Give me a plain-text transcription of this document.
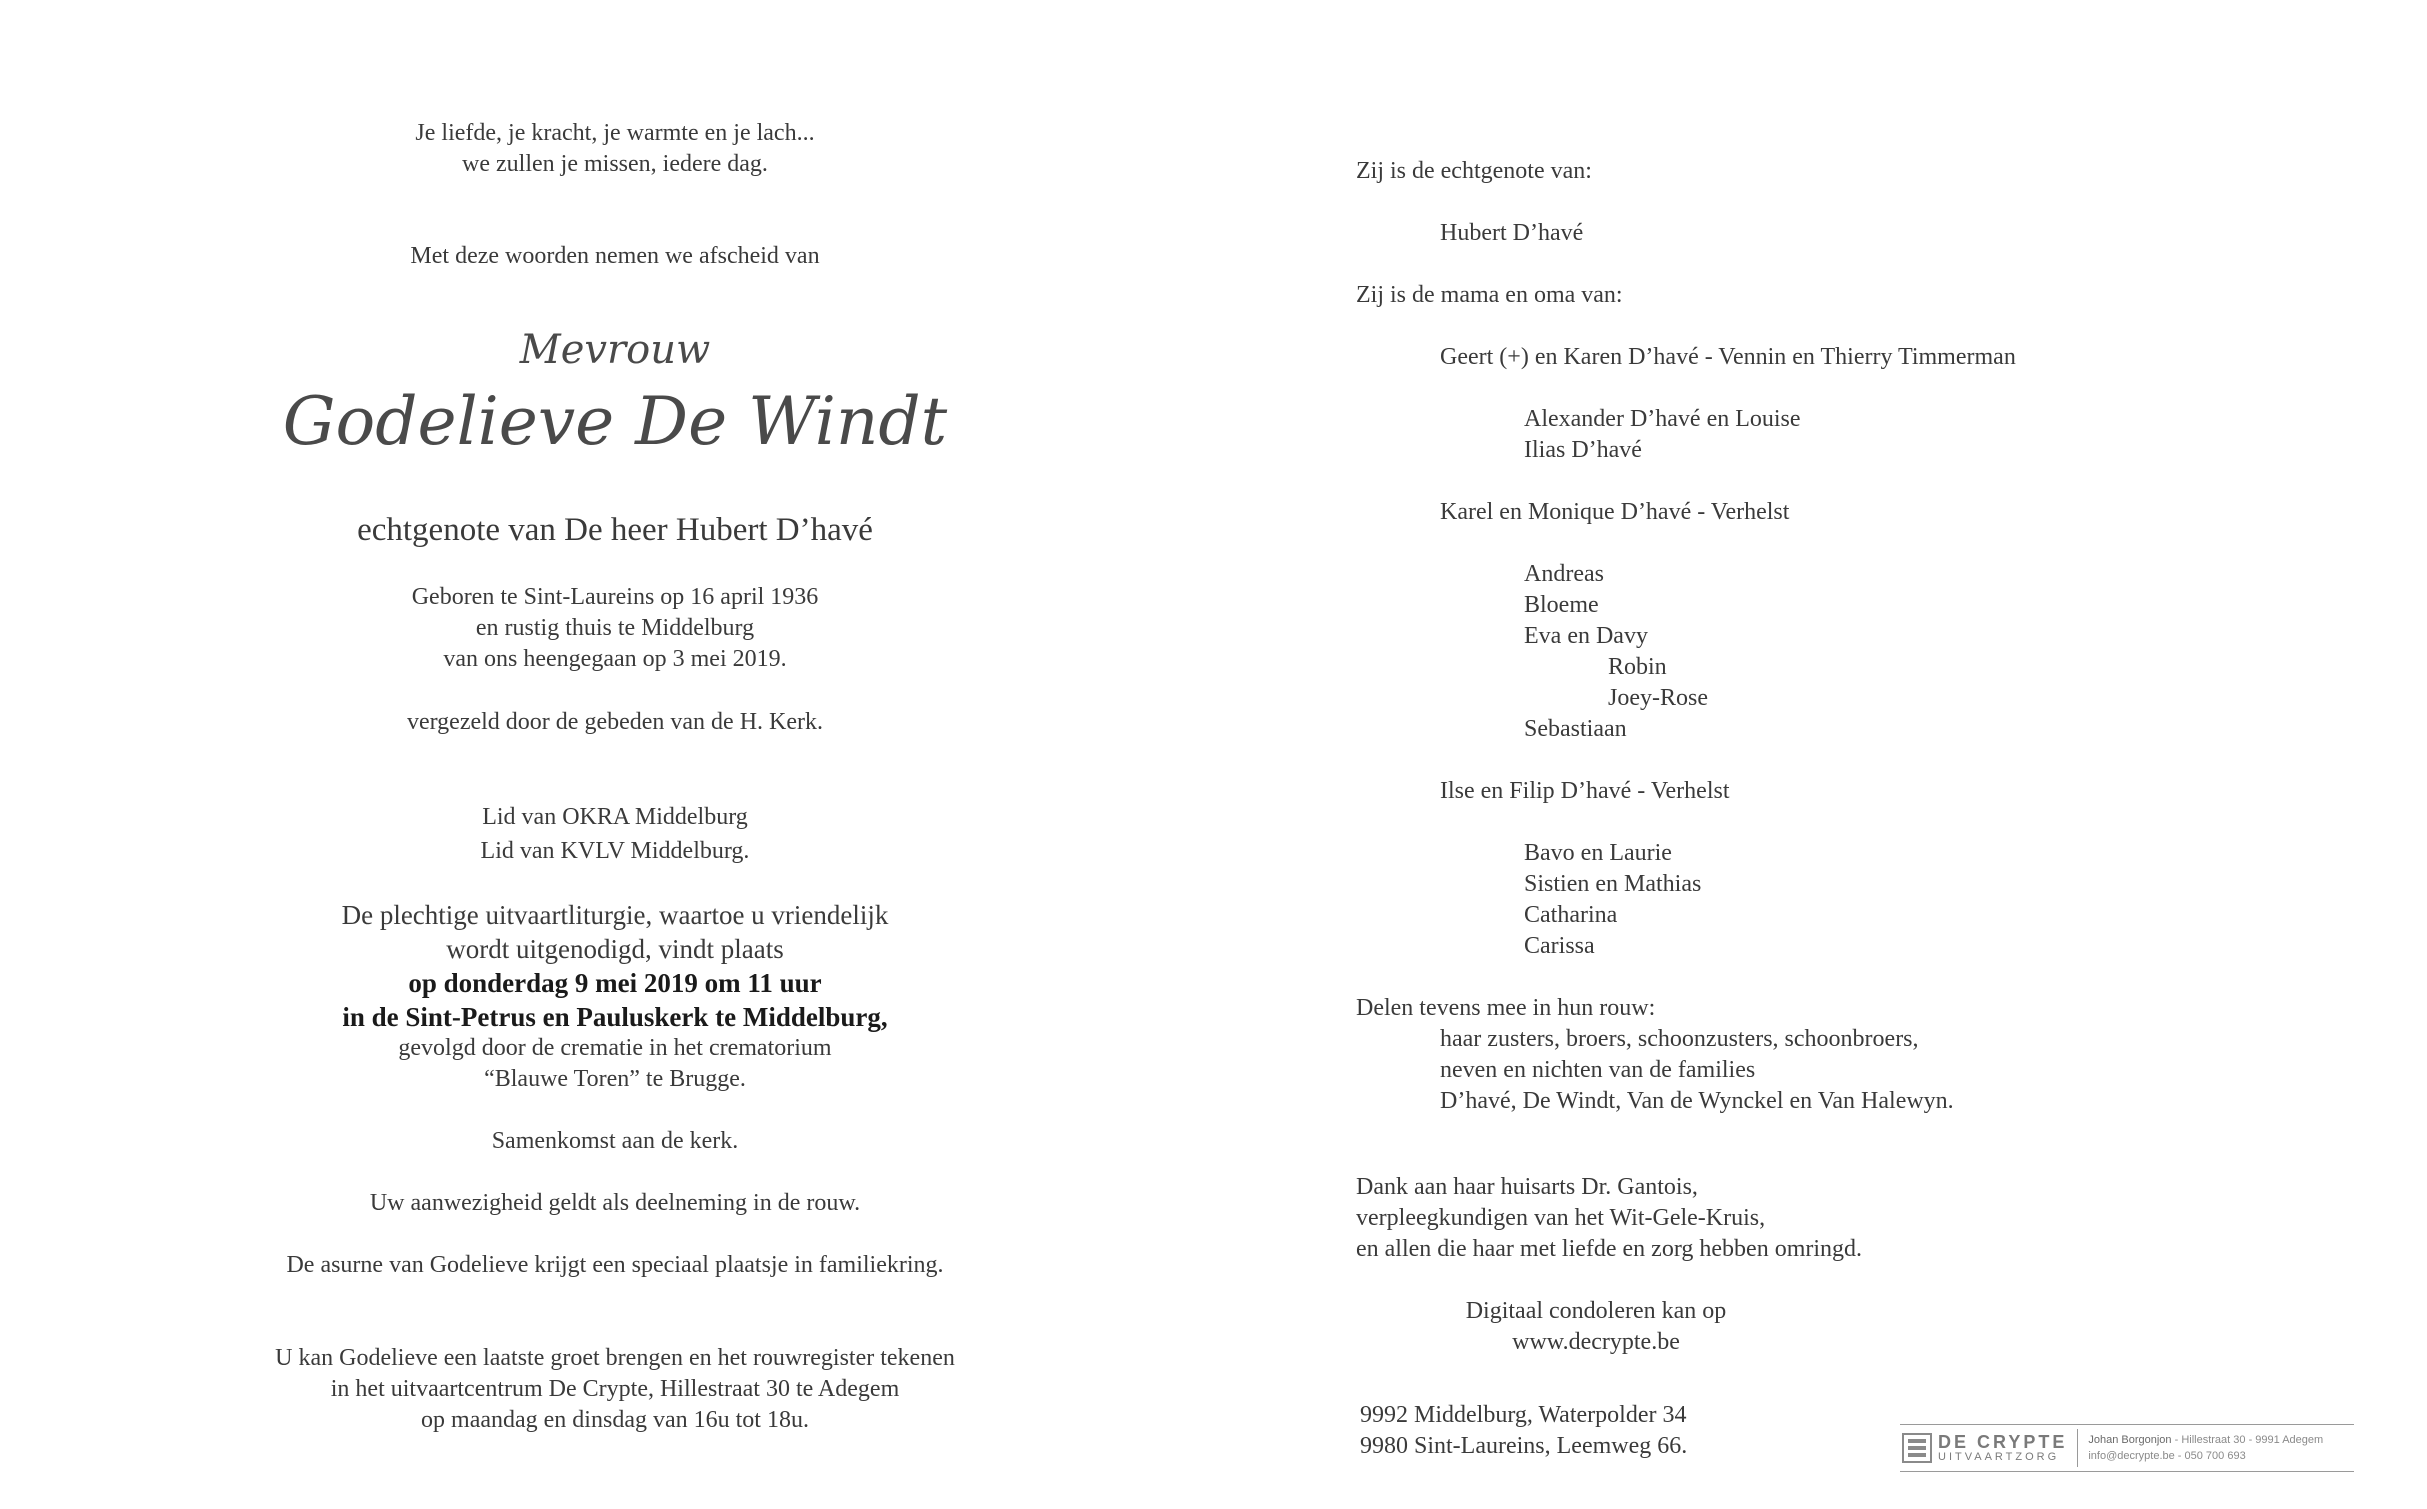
Je liefde, je kracht, je warmte en je lach...
we zullen je missen, iedere dag.
Met deze woorden nemen we afscheid van
Mevrouw
Godelieve De Windt
echtgenote van De heer Hubert D’havé
Geboren te Sint-Laureins op 16 april 1936
en rustig thuis te Middelburg
van ons heengegaan op 3 mei 2019.
vergezeld door de gebeden van de H. Kerk.
Lid van OKRA Middelburg
Lid van KVLV Middelburg.
De plechtige uitvaartliturgie, waartoe u vriendelijk
wordt uitgenodigd, vindt plaats
op donderdag 9 mei 2019 om 11 uur
in de Sint-Petrus en Pauluskerk te Middelburg,
gevolgd door de crematie in het crematorium
“Blauwe Toren” te Brugge.
Samenkomst aan de kerk.
Uw aanwezigheid geldt als deelneming in de rouw.
De asurne van Godelieve krijgt een speciaal plaatsje in familiekring.
U kan Godelieve een laatste groet brengen en het rouwregister tekenen
in het uitvaartcentrum De Crypte, Hillestraat 30 te Adegem
op maandag en dinsdag van 16u tot 18u.
Zij is de echtgenote van:
Hubert D’havé
Zij is de mama en oma van:
Geert (+) en Karen D’havé - Vennin en Thierry Timmerman
Alexander D’havé en Louise
Ilias D’havé
Karel en Monique D’havé - Verhelst
Andreas
Bloeme
Eva en Davy
Robin
Joey-Rose
Sebastiaan
Ilse en Filip D’havé - Verhelst
Bavo en Laurie
Sistien en Mathias
Catharina
Carissa
Delen tevens mee in hun rouw:
haar zusters, broers, schoonzusters, schoonbroers,
neven en nichten van de families
D’havé, De Windt, Van de Wynckel en Van Halewyn.
Dank aan haar huisarts Dr. Gantois,
verpleegkundigen van het Wit-Gele-Kruis,
en allen die haar met liefde en zorg hebben omringd.
Digitaal condoleren kan op
www.decrypte.be
9992 Middelburg, Waterpolder 34
9980 Sint-Laureins, Leemweg 66.	DE CRYPTE
UITVAARTZORG
Johan Borgonjon - Hillestraat 30 - 9991 Adegem
info@decrypte.be - 050 700 693
